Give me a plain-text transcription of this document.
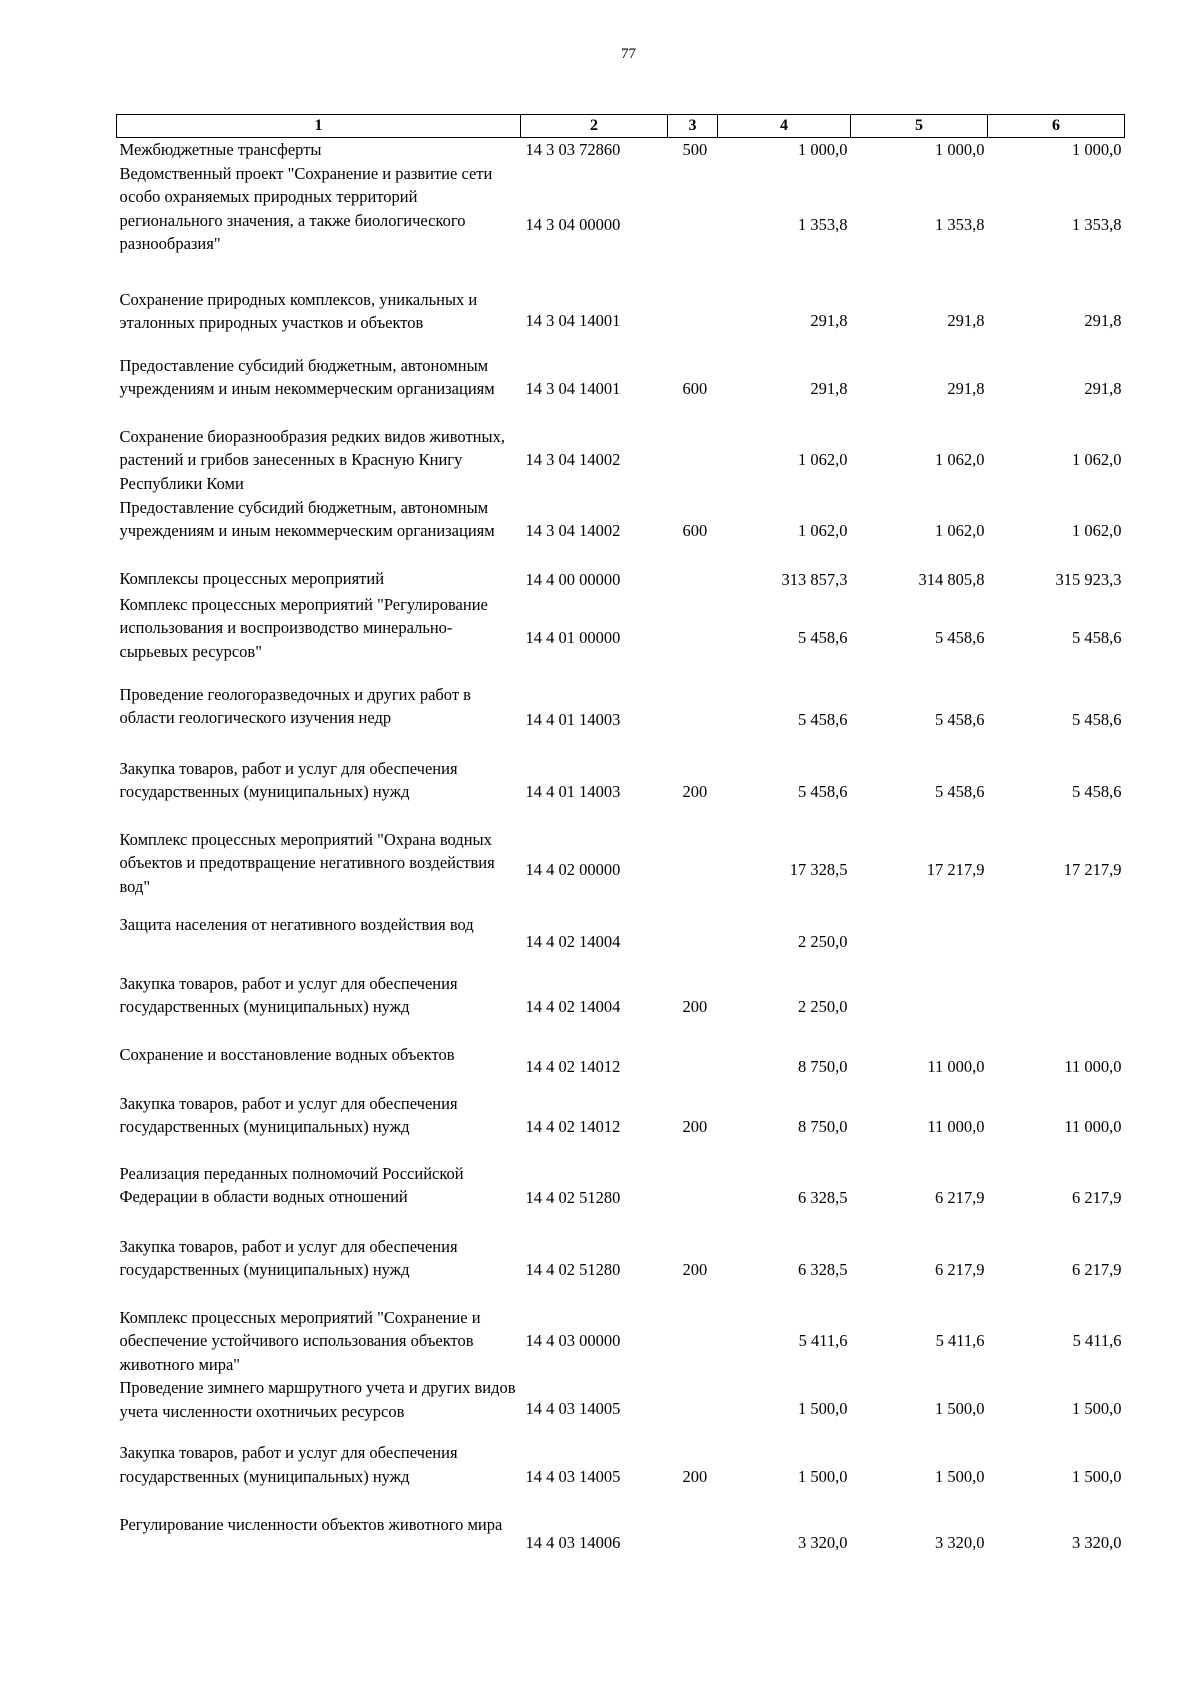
77
1	2	3	4	5	6
Межбюджетные трансферты	14 3 03 72860	500	1 000,0	1 000,0	1 000,0
Ведомственный проект "Сохранение и развитие сети особо охраняемых природных территорий регионального значения, а также биологического разнообразия"	14 3 04 00000		1 353,8	1 353,8	1 353,8
Сохранение природных комплексов, уникальных и эталонных природных участков и объектов	14 3 04 14001		291,8	291,8	291,8
Предоставление субсидий бюджетным, автономным учреждениям и иным некоммерческим организациям	14 3 04 14001	600	291,8	291,8	291,8
Сохранение биоразнообразия редких видов животных, растений и грибов занесенных в Красную Книгу Республики Коми	14 3 04 14002		1 062,0	1 062,0	1 062,0
Предоставление субсидий бюджетным, автономным учреждениям и иным некоммерческим организациям	14 3 04 14002	600	1 062,0	1 062,0	1 062,0
Комплексы процессных мероприятий	14 4 00 00000		313 857,3	314 805,8	315 923,3
Комплекс процессных мероприятий "Регулирование использования и воспроизводство минерально-сырьевых ресурсов"	14 4 01 00000		5 458,6	5 458,6	5 458,6
Проведение геологоразведочных и других работ в области геологического изучения недр	14 4 01 14003		5 458,6	5 458,6	5 458,6
Закупка товаров, работ и услуг для обеспечения государственных (муниципальных) нужд	14 4 01 14003	200	5 458,6	5 458,6	5 458,6
Комплекс процессных мероприятий "Охрана водных объектов и предотвращение негативного воздействия вод"	14 4 02 00000		17 328,5	17 217,9	17 217,9
Защита населения от негативного воздействия вод	14 4 02 14004		2 250,0		
Закупка товаров, работ и услуг для обеспечения государственных (муниципальных) нужд	14 4 02 14004	200	2 250,0		
Сохранение и восстановление водных объектов	14 4 02 14012		8 750,0	11 000,0	11 000,0
Закупка товаров, работ и услуг для обеспечения государственных (муниципальных) нужд	14 4 02 14012	200	8 750,0	11 000,0	11 000,0
Реализация переданных полномочий Российской Федерации в области водных отношений	14 4 02 51280		6 328,5	6 217,9	6 217,9
Закупка товаров, работ и услуг для обеспечения государственных (муниципальных) нужд	14 4 02 51280	200	6 328,5	6 217,9	6 217,9
Комплекс процессных мероприятий "Сохранение и обеспечение устойчивого использования объектов животного мира"	14 4 03 00000		5 411,6	5 411,6	5 411,6
Проведение зимнего маршрутного учета и других видов учета численности охотничьих ресурсов	14 4 03 14005		1 500,0	1 500,0	1 500,0
Закупка товаров, работ и услуг для обеспечения государственных (муниципальных) нужд	14 4 03 14005	200	1 500,0	1 500,0	1 500,0
Регулирование численности объектов животного мира	14 4 03 14006		3 320,0	3 320,0	3 320,0
